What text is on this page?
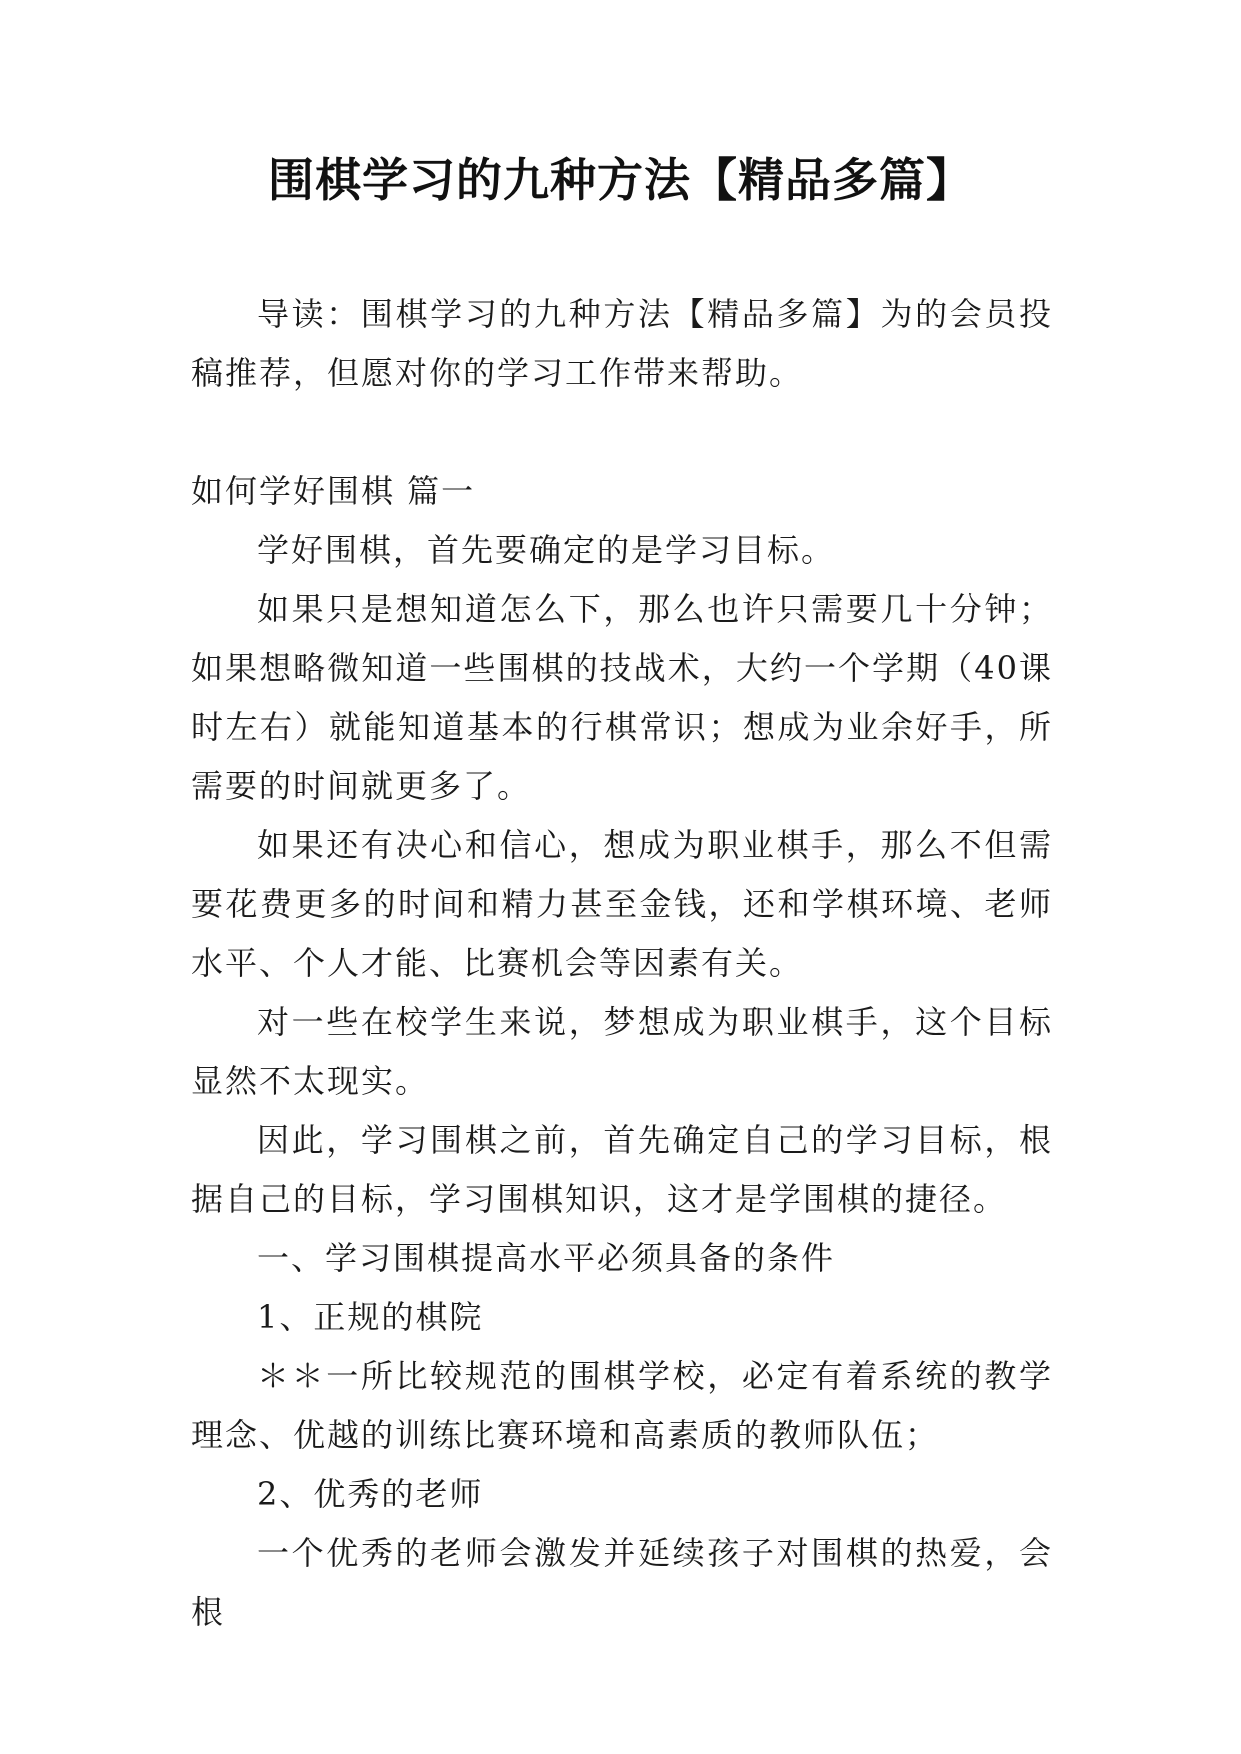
围棋学习的九种方法【精品多篇】

导读：围棋学习的九种方法【精品多篇】为的会员投稿推荐，但愿对你的学习工作带来帮助。

如何学好围棋 篇一

学好围棋，首先要确定的是学习目标。

如果只是想知道怎么下，那么也许只需要几十分钟；如果想略微知道一些围棋的技战术，大约一个学期（40课时左右）就能知道基本的行棋常识；想成为业余好手，所需要的时间就更多了。

如果还有决心和信心，想成为职业棋手，那么不但需要花费更多的时间和精力甚至金钱，还和学棋环境、老师水平、个人才能、比赛机会等因素有关。

对一些在校学生来说，梦想成为职业棋手，这个目标显然不太现实。

因此，学习围棋之前，首先确定自己的学习目标，根据自己的目标，学习围棋知识，这才是学围棋的捷径。

一、学习围棋提高水平必须具备的条件

1、正规的棋院

＊＊一所比较规范的围棋学校，必定有着系统的教学理念、优越的训练比赛环境和高素质的教师队伍；

2、优秀的老师

一个优秀的老师会激发并延续孩子对围棋的热爱，会根
